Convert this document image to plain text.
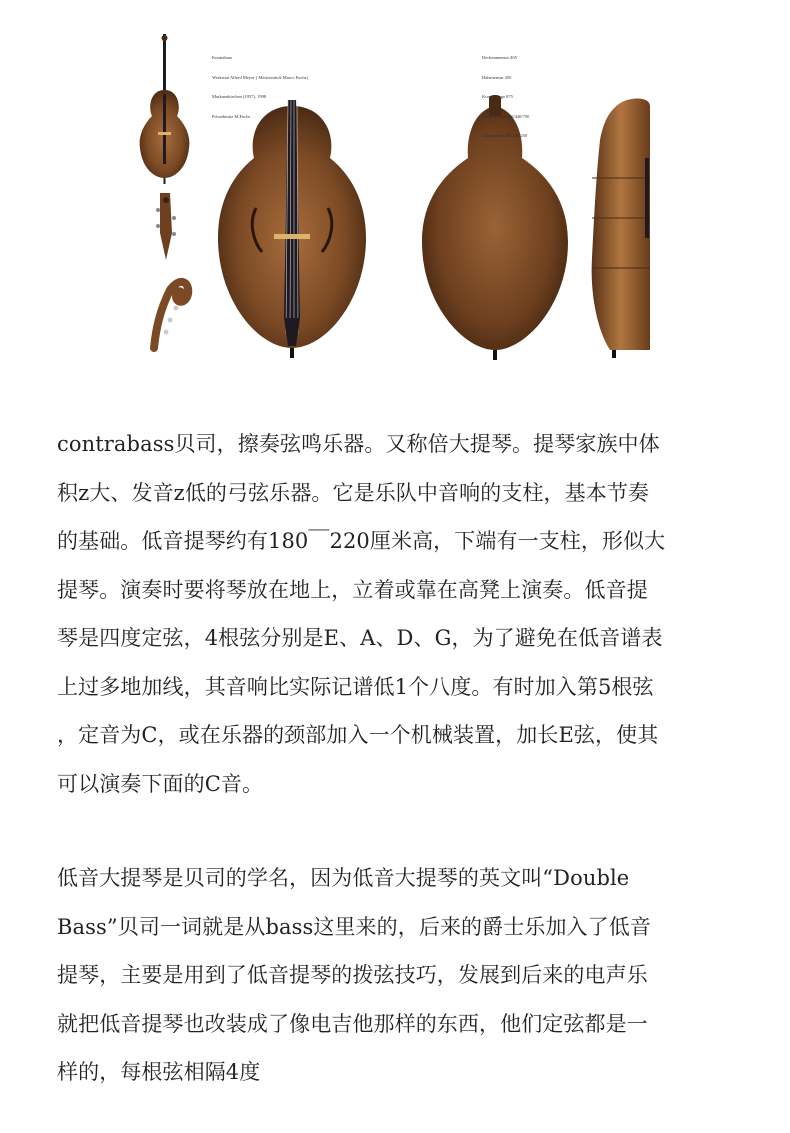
Kontrabass

Werkstatt Alfred Meyer ( Meisterstück Marco Fuchs)

Markneukirchen (1957), 1998

Privatbesitz M.Fuchs

Deckenmensur 405

Halsmensur 450

Korpuslänge 875

Korpusbreite 350/440/750

Zargenhöhe 200/230/250

contrabass贝司，擦奏弦鸣乐器。又称倍大提琴。提琴家族中体
积z大、发音z低的弓弦乐器。它是乐队中音响的支柱，基本节奏
的基础。低音提琴约有180￣220厘米高，下端有一支柱，形似大
提琴。演奏时要将琴放在地上，立着或靠在高凳上演奏。低音提
琴是四度定弦，4根弦分别是E、A、D、G，为了避免在低音谱表
上过多地加线，其音响比实际记谱低1个八度。有时加入第5根弦
，定音为C，或在乐器的颈部加入一个机械装置，加长E弦，使其
可以演奏下面的C音。

低音大提琴是贝司的学名，因为低音大提琴的英文叫“Double
Bass”贝司一词就是从bass这里来的，后来的爵士乐加入了低音
提琴，主要是用到了低音提琴的拨弦技巧，发展到后来的电声乐
就把低音提琴也改装成了像电吉他那样的东西，他们定弦都是一
样的，每根弦相隔4度
